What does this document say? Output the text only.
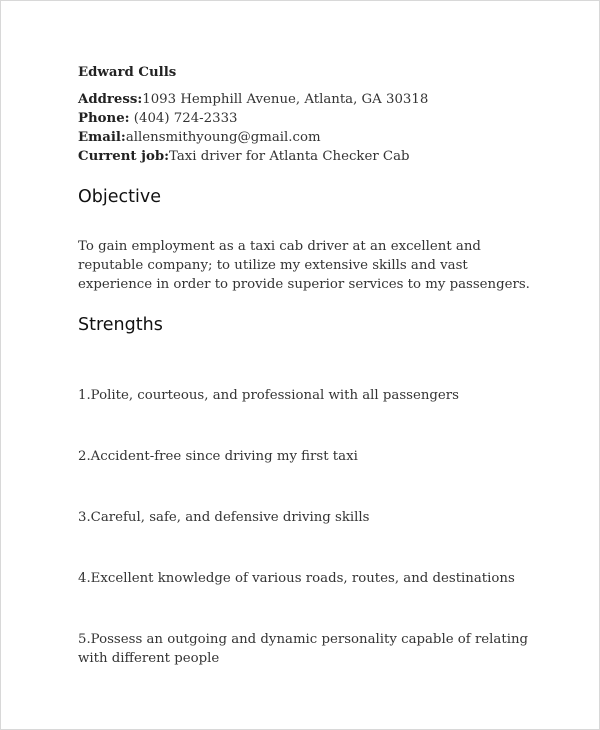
Edward Culls
Address:1093 Hemphill Avenue, Atlanta, GA 30318
Phone: (404) 724-2333
Email:allensmithyoung@gmail.com
Current job:Taxi driver for Atlanta Checker Cab
Objective
To gain employment as a taxi cab driver at an excellent and reputable company; to utilize my extensive skills and vast experience in order to provide superior services to my passengers.
Strengths
1.Polite, courteous, and professional with all passengers
2.Accident-free since driving my first taxi
3.Careful, safe, and defensive driving skills
4.Excellent knowledge of various roads, routes, and destinations
5.Possess an outgoing and dynamic personality capable of relating with different people
